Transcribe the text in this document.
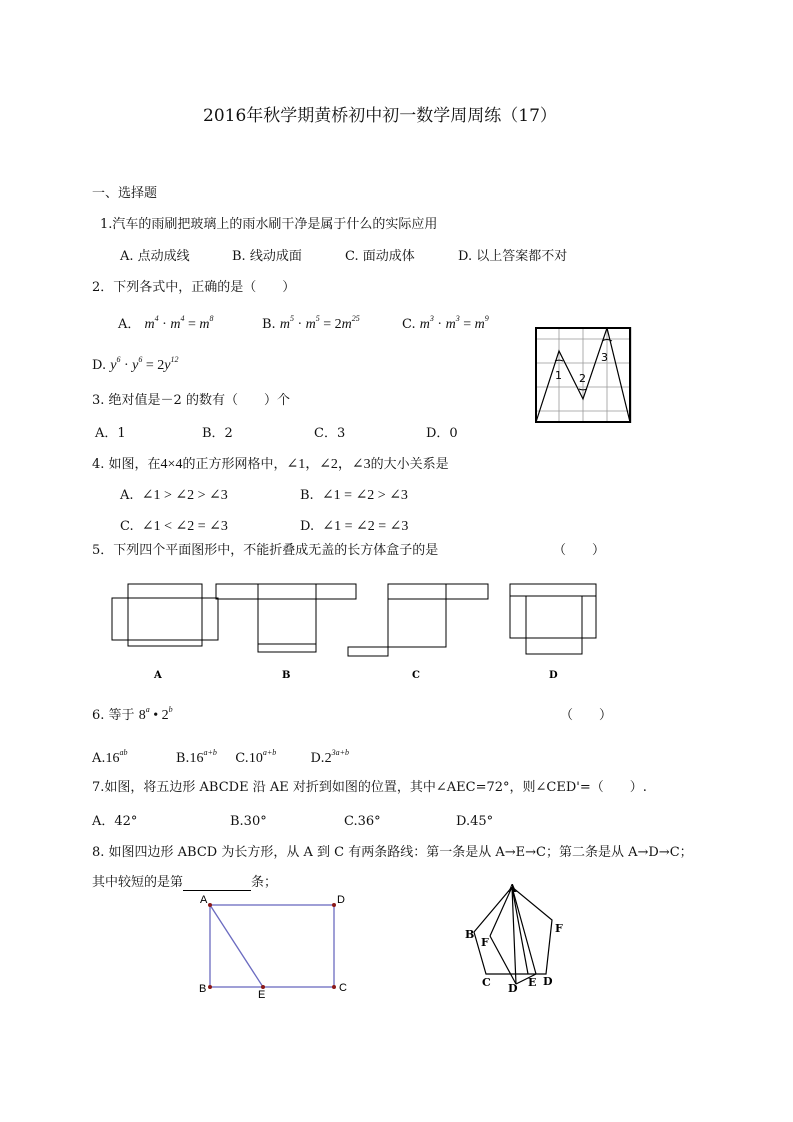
2016年秋学期黄桥初中初一数学周周练（17）
一、选择题
1.汽车的雨刷把玻璃上的雨水刷干净是属于什么的实际应用
A. 点动成线	B. 线动成面	C. 面动成体	D. 以上答案都不对
2．下列各式中，正确的是（　　）
A． $m^4 \cdot m^4 = m^8$	B. $m^5 \cdot m^5 = 2m^{25}$	C. $m^3 \cdot m^3 = m^9$
D. $y^6 \cdot y^6 = 2y^{12}$
1 2
3
3. 绝对值是－2 的数有（　　）个
A．1	B．2	C．3	D．0
4. 如图，在4×4的正方形网格中，∠1，∠2，∠3的大小关系是
A. ∠1 > ∠2 > ∠3	B. ∠1 = ∠2 > ∠3
C. ∠1 < ∠2 = ∠3	D. ∠1 = ∠2 = ∠3
5．下列四个平面图形中，不能折叠成无盖的长方体盒子的是	（　　）
A	B	C	D
6. 等于 8$^a$ • 2$^b$	（　　）
A.16$^{ab}$	$B.16^{a+b}$ $C.10^{a+b}$	$D.2^{3a+b}$
7.如图，将五边形 ABCDE 沿 AE 对折到如图的位置，其中∠AEC=72°，则∠CED'=（　　）.
A．42°	B.30°	C.36°	D.45°
8. 如图四边形 ABCD 为长方形，从 A 到 C 有两条路线：第一条是从 A→E→C；第二条是从 A→D→C；
其中较短的是第	条；
A	D
B	E
C
A
B
F
C D E D
F
